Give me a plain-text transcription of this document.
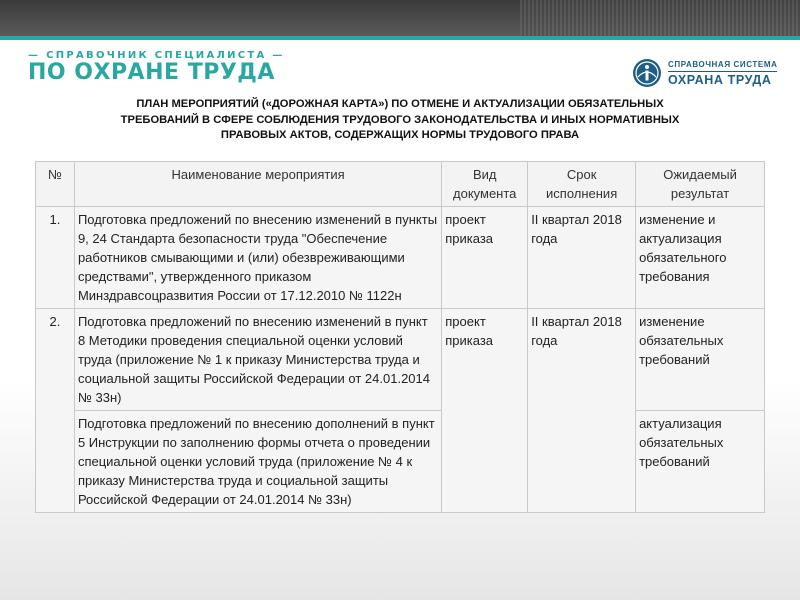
— СПРАВОЧНИК СПЕЦИАЛИСТА —
ПО ОХРАНЕ ТРУДА	СПРАВОЧНАЯ СИСТЕМА
ОХРАНА ТРУДА
ПЛАН МЕРОПРИЯТИЙ («ДОРОЖНАЯ КАРТА») ПО ОТМЕНЕ И АКТУАЛИЗАЦИИ ОБЯЗАТЕЛЬНЫХ
ТРЕБОВАНИЙ В СФЕРЕ СОБЛЮДЕНИЯ ТРУДОВОГО ЗАКОНОДАТЕЛЬСТВА И ИНЫХ НОРМАТИВНЫХ
ПРАВОВЫХ АКТОВ, СОДЕРЖАЩИХ НОРМЫ ТРУДОВОГО ПРАВА
№	Наименование мероприятия	Вид документа	Срок исполнения	Ожидаемый результат
1.	Подготовка предложений по внесению изменений в пункты 9, 24 Стандарта безопасности труда "Обеспечение работников смывающими и (или) обезвреживающими средствами", утвержденного приказом Минздравсоцразвития России от 17.12.2010 № 1122н	проект приказа	II квартал 2018 года	изменение и актуализация обязательного требования
2.	Подготовка предложений по внесению изменений в пункт 8 Методики проведения специальной оценки условий труда (приложение № 1 к приказу Министерства труда и социальной защиты Российской Федерации от 24.01.2014 № 33н)	проект приказа	II квартал 2018 года	изменение обязательных требований
	Подготовка предложений по внесению дополнений в пункт 5 Инструкции по заполнению формы отчета о проведении специальной оценки условий труда (приложение № 4 к приказу Министерства труда и социальной защиты Российской Федерации от 24.01.2014 № 33н)			актуализация обязательных требований
